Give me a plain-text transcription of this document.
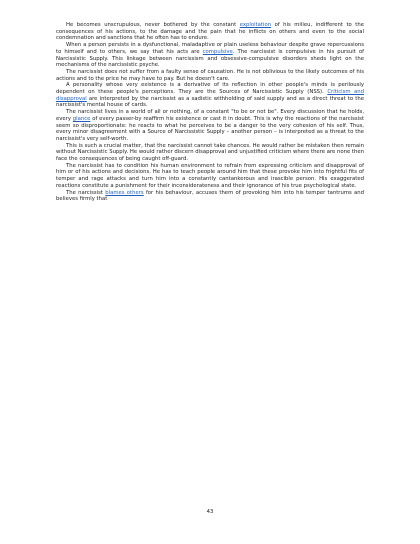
He becomes unscrupulous, never bothered by the constant exploitation of his milieu, indifferent to the consequences of his actions, to the damage and the pain that he inflicts on others and even to the social condemnation and sanctions that he often has to endure.

When a person persists in a dysfunctional, maladaptive or plain useless behaviour despite grave repercussions to himself and to others, we say that his acts are compulsive. The narcissist is compulsive in his pursuit of Narcissistic Supply. This linkage between narcissism and obsessive-compulsive disorders sheds light on the mechanisms of the narcissistic psyche.

The narcissist does not suffer from a faulty sense of causation. He is not oblivious to the likely outcomes of his actions and to the price he may have to pay. But he doesn't care.

A personality whose very existence is a derivative of its reflection in other people's minds is perilously dependent on these people's perceptions. They are the Sources of Narcissistic Supply (NSS). Criticism and disapproval are interpreted by the narcissist as a sadistic withholding of said supply and as a direct threat to the narcissist's mental house of cards.

The narcissist lives in a world of all or nothing, of a constant "to be or not be". Every discussion that he holds, every glance of every passer-by reaffirm his existence or cast it in doubt. This is why the reactions of the narcissist seem so disproportionate: he reacts to what he perceives to be a danger to the very cohesion of his self. Thus, every minor disagreement with a Source of Narcissistic Supply – another person – is interpreted as a threat to the narcissist's very self-worth.

This is such a crucial matter, that the narcissist cannot take chances. He would rather be mistaken then remain without Narcissistic Supply. He would rather discern disapproval and unjustified criticism where there are none then face the consequences of being caught off-guard.

The narcissist has to condition his human environment to refrain from expressing criticism and disapproval of him or of his actions and decisions. He has to teach people around him that these provoke him into frightful fits of temper and rage attacks and turn him into a constantly cantankerous and irascible person. His exaggerated reactions constitute a punishment for their inconsiderateness and their ignorance of his true psychological state.

The narcissist blames others for his behaviour, accuses them of provoking him into his temper tantrums and believes firmly that

43
